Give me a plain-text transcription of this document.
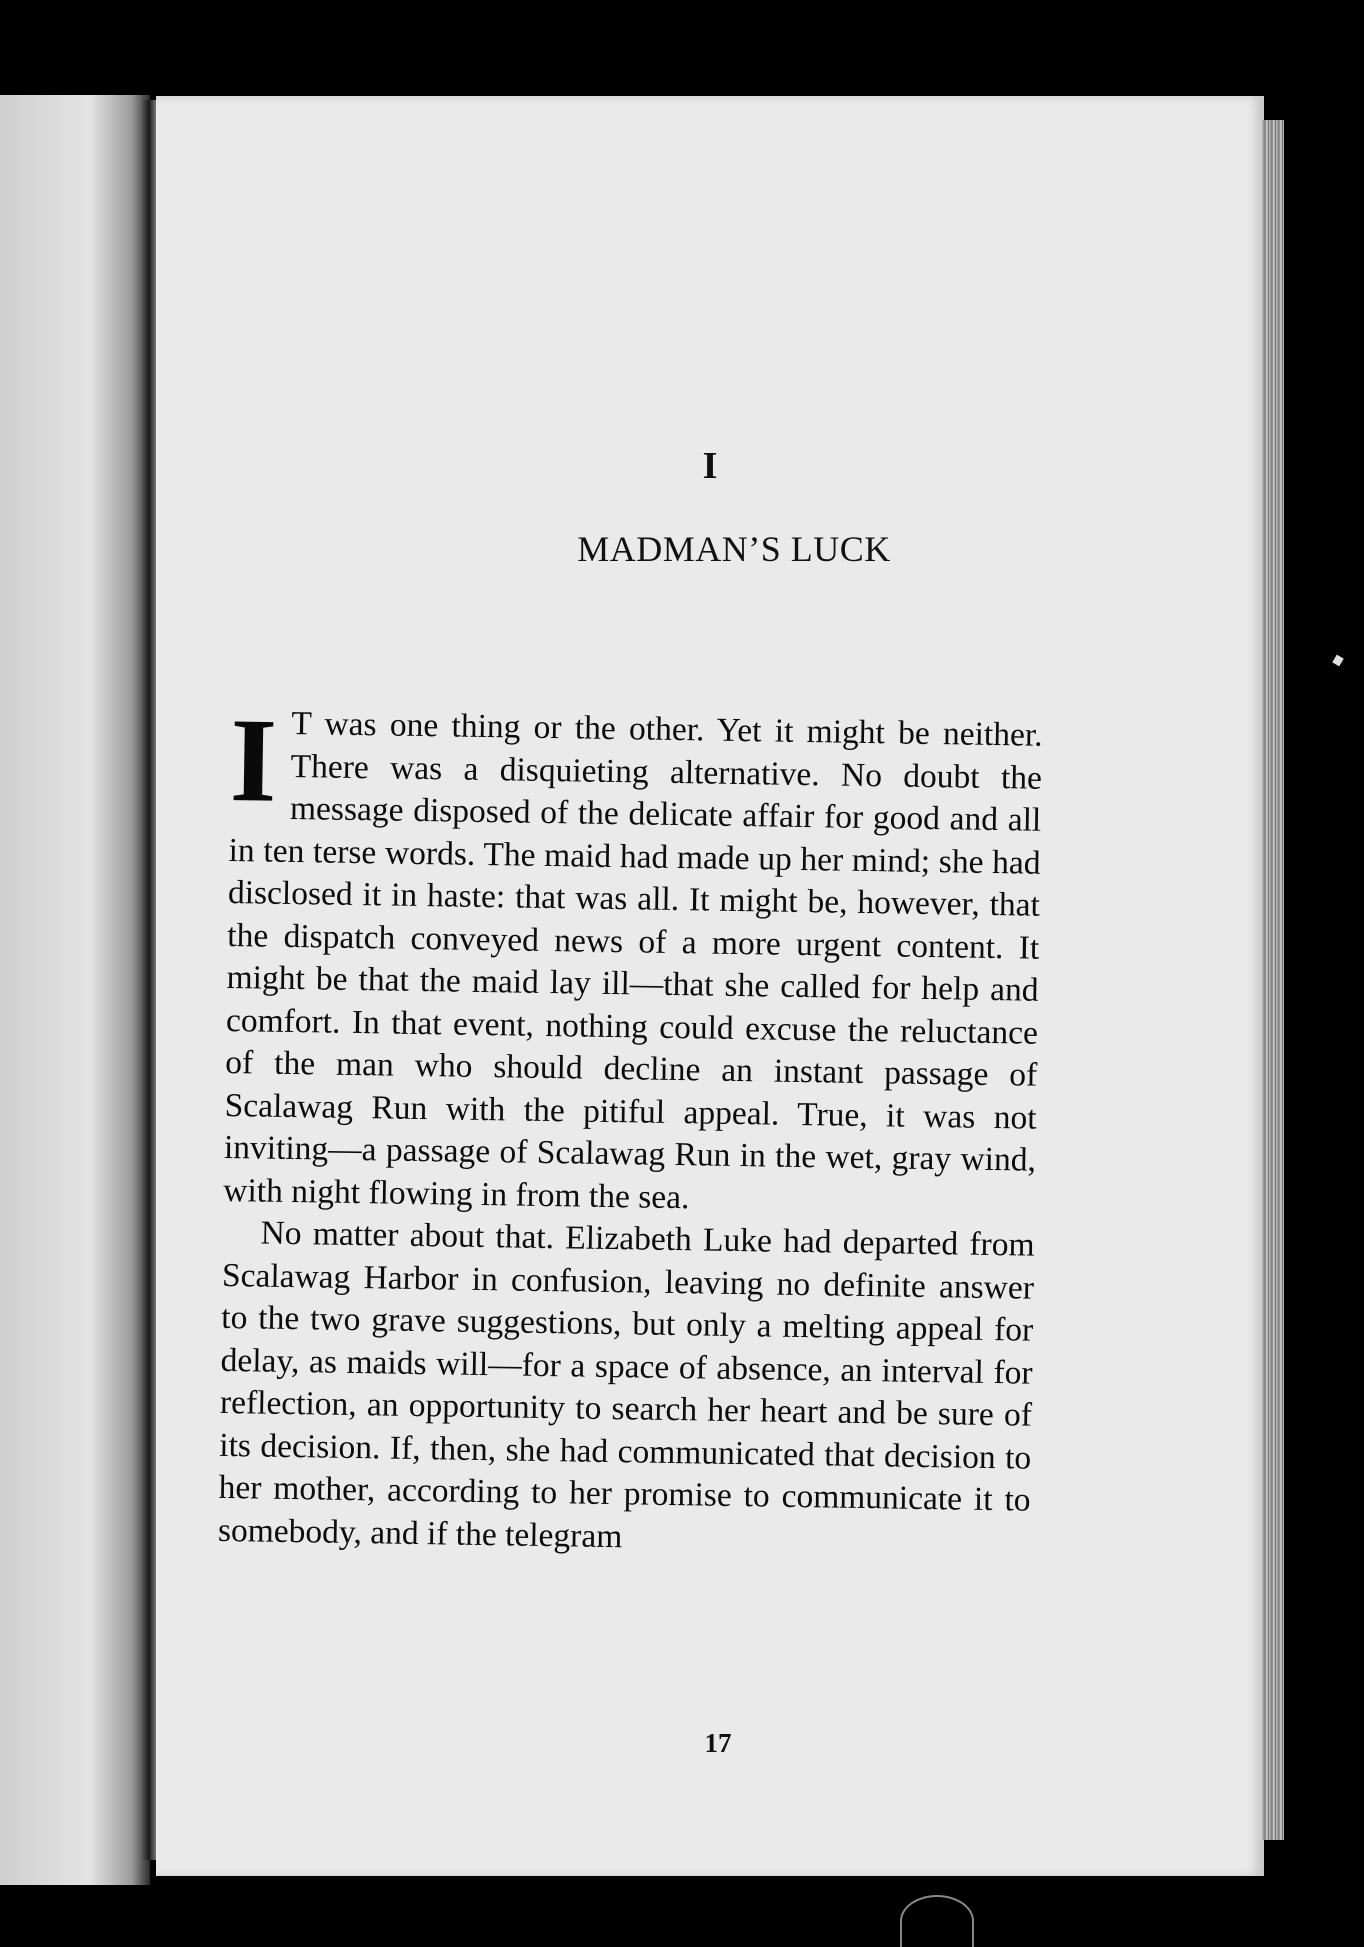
I
MADMAN’S LUCK

I T was one thing or the other. Yet it might be neither. There was a disquieting alternative. No doubt the message disposed of the delicate affair for good and all in ten terse words. The maid had made up her mind; she had disclosed it in haste: that was all. It might be, however, that the dispatch conveyed news of a more urgent content. It might be that the maid lay ill—that she called for help and comfort. In that event, nothing could excuse the reluctance of the man who should decline an instant passage of Scalawag Run with the pitiful appeal. True, it was not inviting—a passage of Scalawag Run in the wet, gray wind, with night flowing in from the sea.

No matter about that. Elizabeth Luke had departed from Scalawag Harbor in confusion, leaving no definite answer to the two grave suggestions, but only a melting appeal for delay, as maids will—for a space of absence, an interval for reflection, an opportunity to search her heart and be sure of its decision. If, then, she had communicated that decision to her mother, according to her promise to communicate it to somebody, and if the telegram

17
